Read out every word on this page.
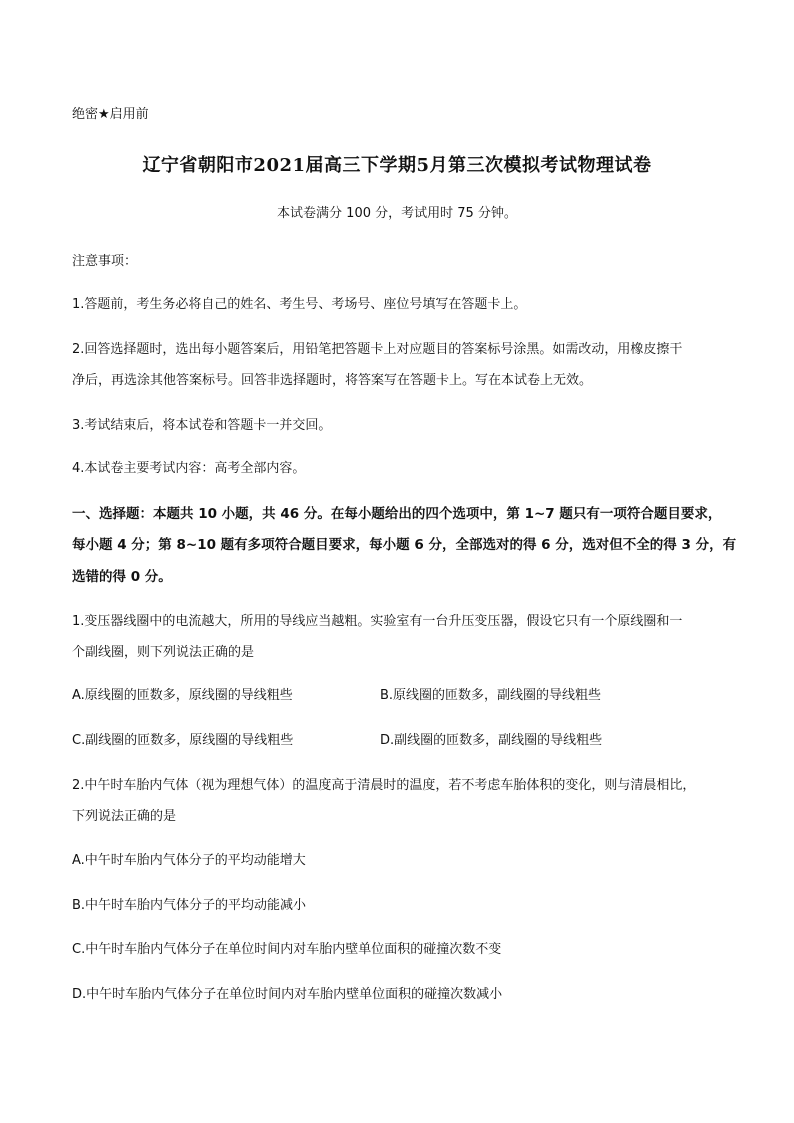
绝密★启用前
辽宁省朝阳市2021届高三下学期5月第三次模拟考试物理试卷
本试卷满分 100 分，考试用时 75 分钟。
注意事项：
1.答题前，考生务必将自己的姓名、考生号、考场号、座位号填写在答题卡上。
2.回答选择题时，选出每小题答案后，用铅笔把答题卡上对应题目的答案标号涂黑。如需改动，用橡皮擦干
净后，再选涂其他答案标号。回答非选择题时，将答案写在答题卡上。写在本试卷上无效。
3.考试结束后，将本试卷和答题卡一并交回。
4.本试卷主要考试内容：高考全部内容。
一、选择题：本题共 10 小题，共 46 分。在每小题给出的四个选项中，第 1~7 题只有一项符合题目要求，
每小题 4 分；第 8~10 题有多项符合题目要求，每小题 6 分，全部选对的得 6 分，选对但不全的得 3 分，有
选错的得 0 分。
1.变压器线圈中的电流越大，所用的导线应当越粗。实验室有一台升压变压器，假设它只有一个原线圈和一
个副线圈，则下列说法正确的是
A.原线圈的匝数多，原线圈的导线粗些	B.原线圈的匝数多，副线圈的导线粗些
C.副线圈的匝数多，原线圈的导线粗些	D.副线圈的匝数多，副线圈的导线粗些
2.中午时车胎内气体（视为理想气体）的温度高于清晨时的温度，若不考虑车胎体积的变化，则与清晨相比，
下列说法正确的是
A.中午时车胎内气体分子的平均动能增大
B.中午时车胎内气体分子的平均动能减小
C.中午时车胎内气体分子在单位时间内对车胎内壁单位面积的碰撞次数不变
D.中午时车胎内气体分子在单位时间内对车胎内壁单位面积的碰撞次数减小
